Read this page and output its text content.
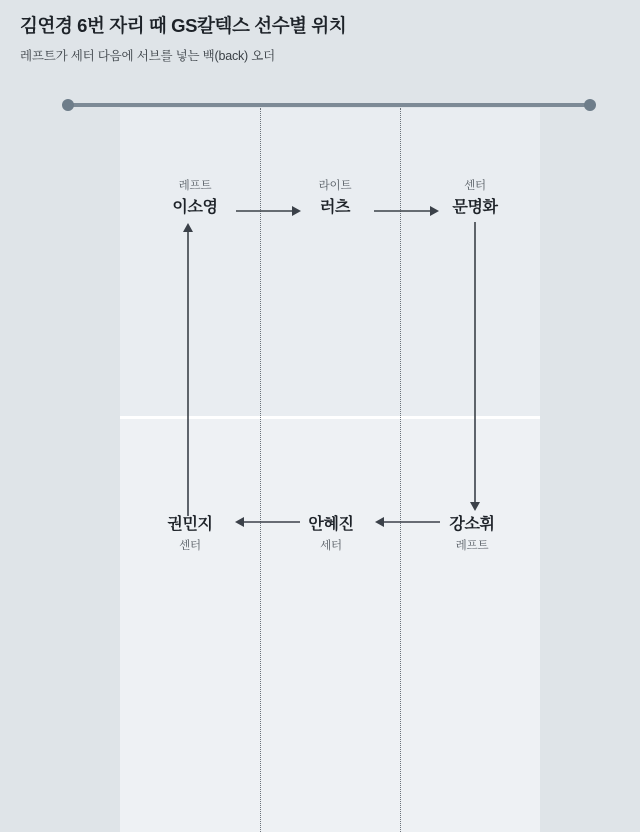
김연경 6번 자리 때 GS칼텍스 선수별 위치

레프트가 세터 다음에 서브를 넣는 백(back) 오더

레프트
이소영
라이트
러츠
센터
문명화
권민지
센터
안혜진
세터
강소휘
레프트
